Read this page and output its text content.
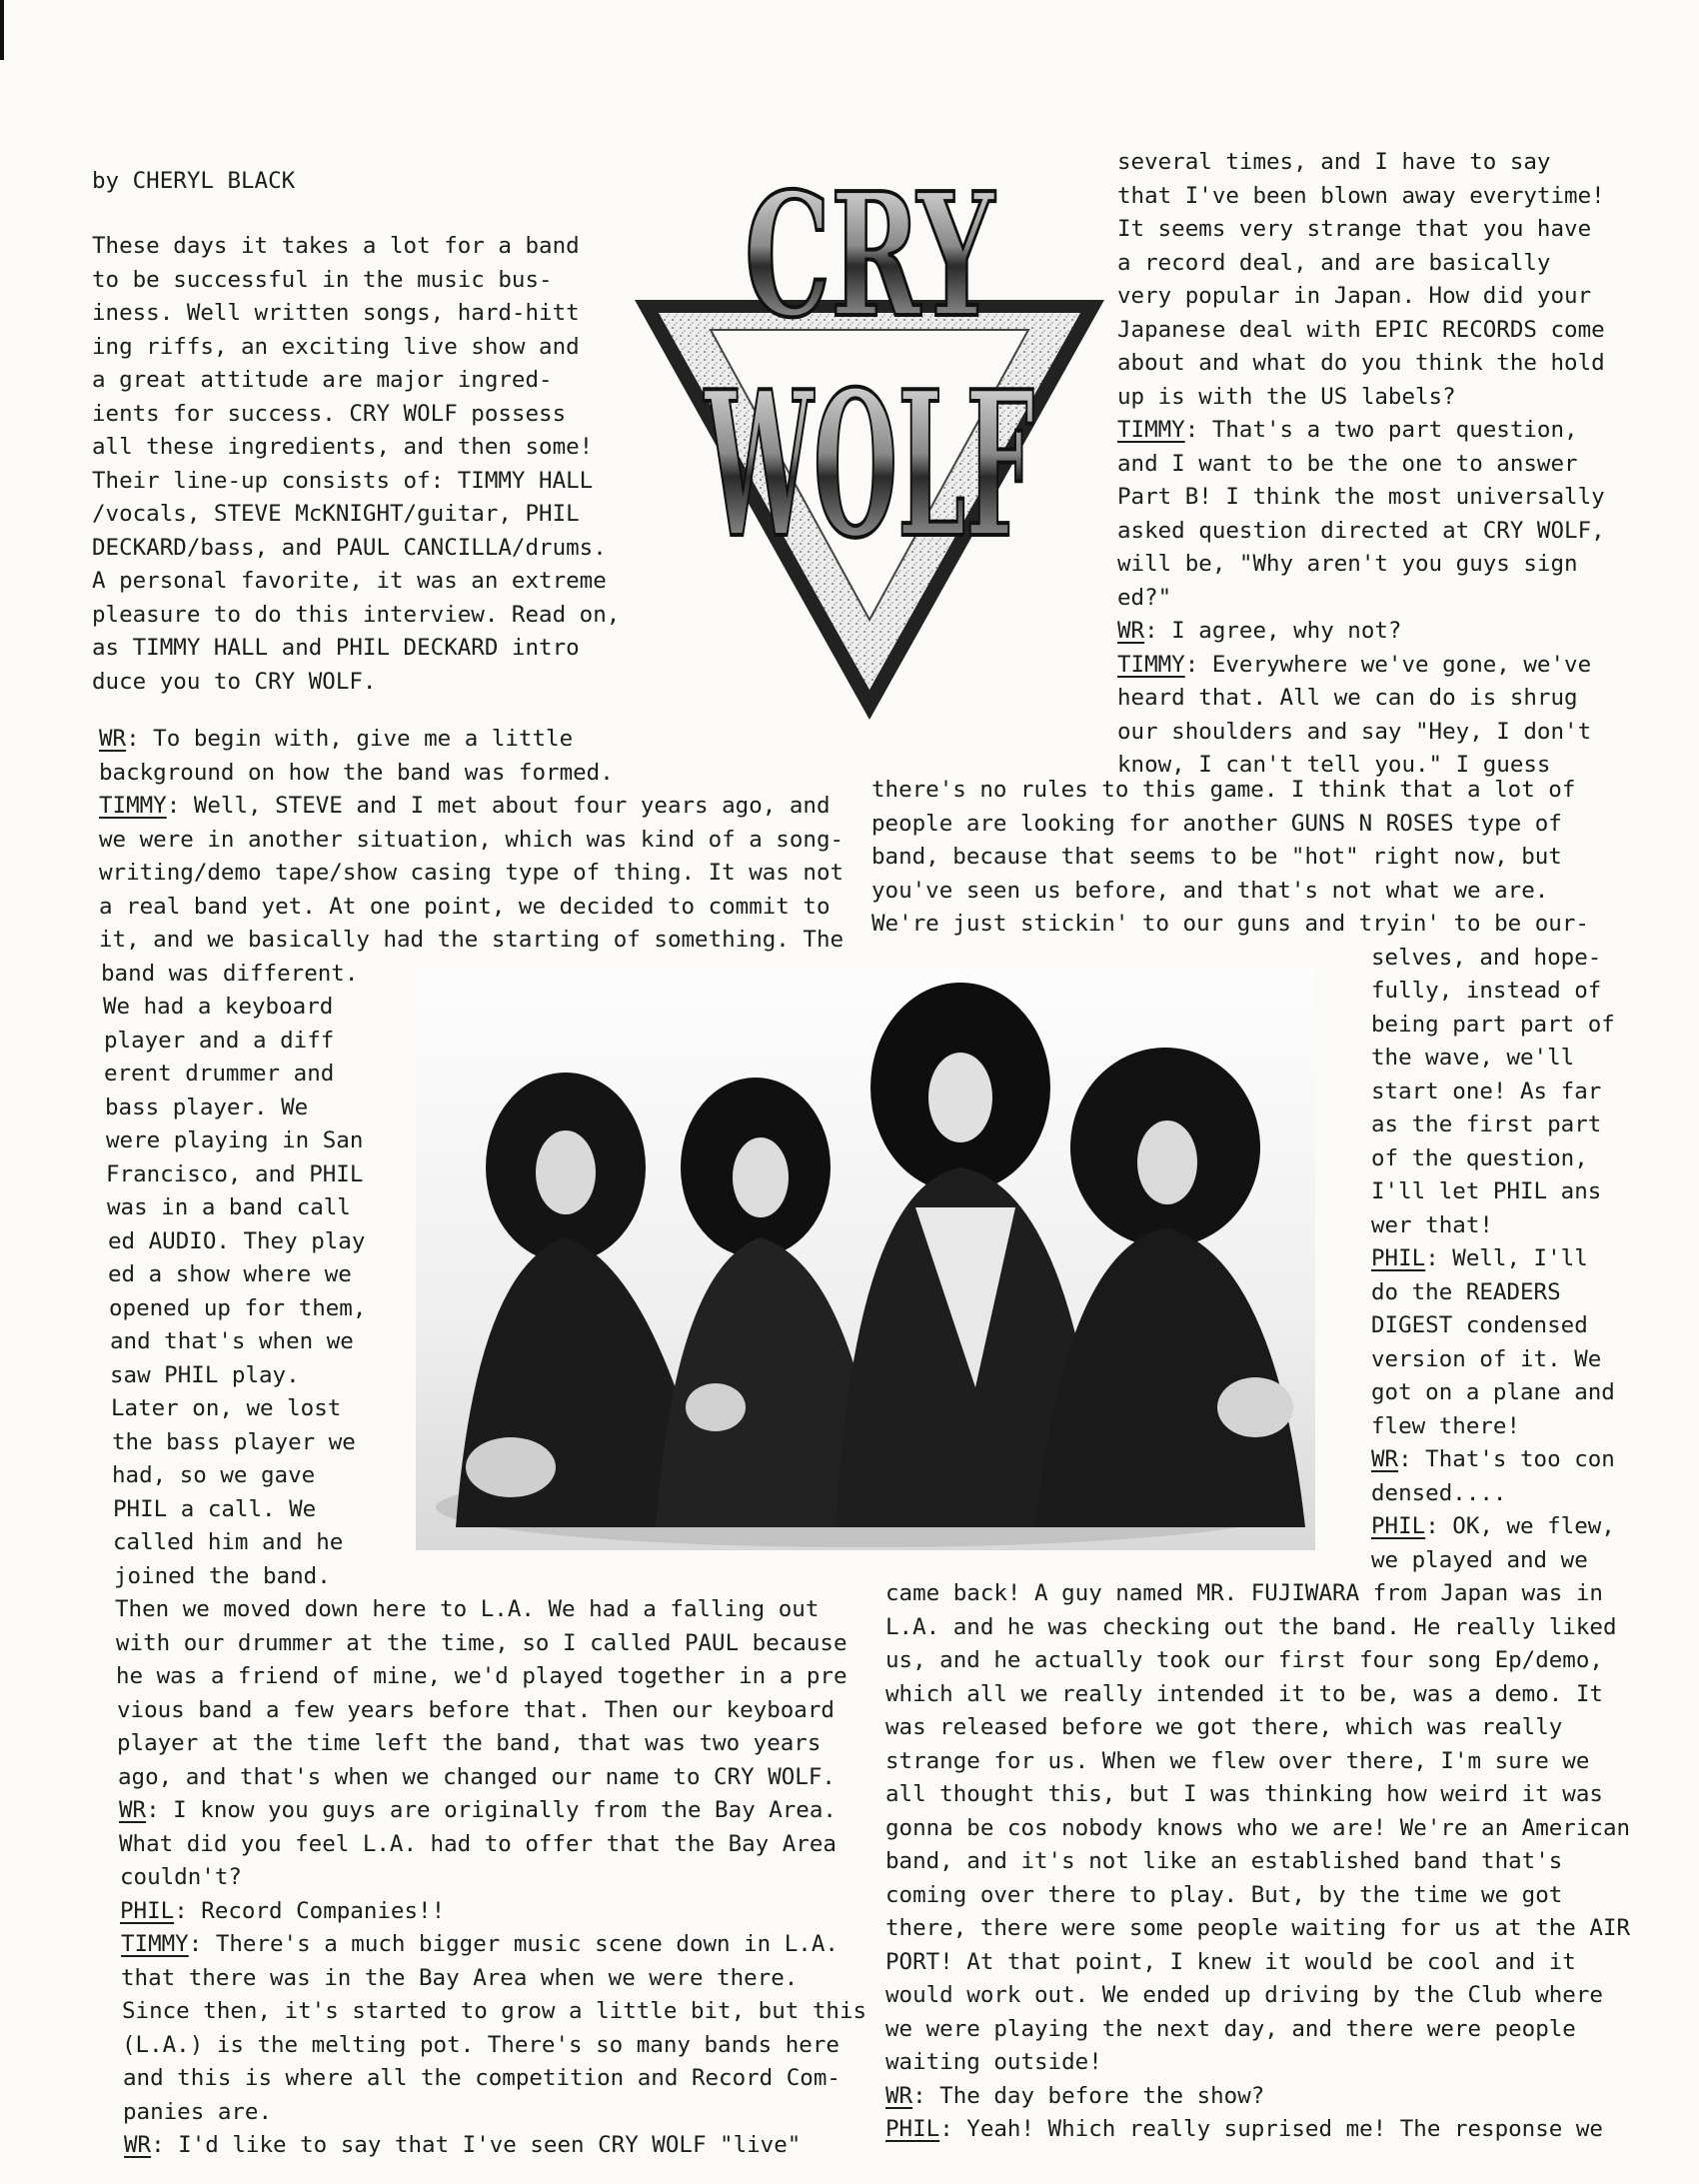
by CHERYL BLACK
These days it takes a lot for a band
to be successful in the music bus-
iness. Well written songs, hard-hitt
ing riffs, an exciting live show and
a great attitude are major ingred-
ients for success. CRY WOLF possess
all these ingredients, and then some!
Their line-up consists of: TIMMY HALL
/vocals, STEVE McKNIGHT/guitar, PHIL
DECKARD/bass, and PAUL CANCILLA/drums.
A personal favorite, it was an extreme
pleasure to do this interview. Read on,
as TIMMY HALL and PHIL DECKARD intro
duce you to CRY WOLF.
CRY
WOLF
several times, and I have to say
that I've been blown away everytime!
It seems very strange that you have
a record deal, and are basically
very popular in Japan. How did your
Japanese deal with EPIC RECORDS come
about and what do you think the hold
up is with the US labels?
TIMMY: That's a two part question,
and I want to be the one to answer
Part B! I think the most universally
asked question directed at CRY WOLF,
will be, "Why aren't you guys sign
ed?"
WR: I agree, why not?
TIMMY: Everywhere we've gone, we've
heard that. All we can do is shrug
our shoulders and say "Hey, I don't
know, I can't tell you." I guess
WR: To begin with, give me a little
background on how the band was formed.
TIMMY: Well, STEVE and I met about four years ago, and
we were in another situation, which was kind of a song-
writing/demo tape/show casing type of thing. It was not
a real band yet. At one point, we decided to commit to
it, and we basically had the starting of something. The
band was different.
We had a keyboard
player and a diff
erent drummer and
bass player. We
were playing in San
Francisco, and PHIL
was in a band call
ed AUDIO. They play
ed a show where we
opened up for them,
and that's when we
saw PHIL play.
Later on, we lost
the bass player we
had, so we gave
PHIL a call. We
called him and he
joined the band.
Then we moved down here to L.A. We had a falling out
with our drummer at the time, so I called PAUL because
he was a friend of mine, we'd played together in a pre
vious band a few years before that. Then our keyboard
player at the time left the band, that was two years
ago, and that's when we changed our name to CRY WOLF.
WR: I know you guys are originally from the Bay Area.
What did you feel L.A. had to offer that the Bay Area
couldn't?
PHIL: Record Companies!!
TIMMY: There's a much bigger music scene down in L.A.
that there was in the Bay Area when we were there.
Since then, it's started to grow a little bit, but this
(L.A.) is the melting pot. There's so many bands here
and this is where all the competition and Record Com-
panies are.
WR: I'd like to say that I've seen CRY WOLF "live"
there's no rules to this game. I think that a lot of
people are looking for another GUNS N ROSES type of
band, because that seems to be "hot" right now, but
you've seen us before, and that's not what we are.
We're just stickin' to our guns and tryin' to be our-
selves, and hope-
fully, instead of
being part part of
the wave, we'll
start one! As far
as the first part
of the question,
I'll let PHIL ans
wer that!
PHIL: Well, I'll
do the READERS
DIGEST condensed
version of it. We
got on a plane and
flew there!
WR: That's too con
densed....
PHIL: OK, we flew,
we played and we
came back! A guy named MR. FUJIWARA from Japan was in
L.A. and he was checking out the band. He really liked
us, and he actually took our first four song Ep/demo,
which all we really intended it to be, was a demo. It
was released before we got there, which was really
strange for us. When we flew over there, I'm sure we
all thought this, but I was thinking how weird it was
gonna be cos nobody knows who we are! We're an American
band, and it's not like an established band that's
coming over there to play. But, by the time we got
there, there were some people waiting for us at the AIR
PORT! At that point, I knew it would be cool and it
would work out. We ended up driving by the Club where
we were playing the next day, and there were people
waiting outside!
WR: The day before the show?
PHIL: Yeah! Which really suprised me! The response we
